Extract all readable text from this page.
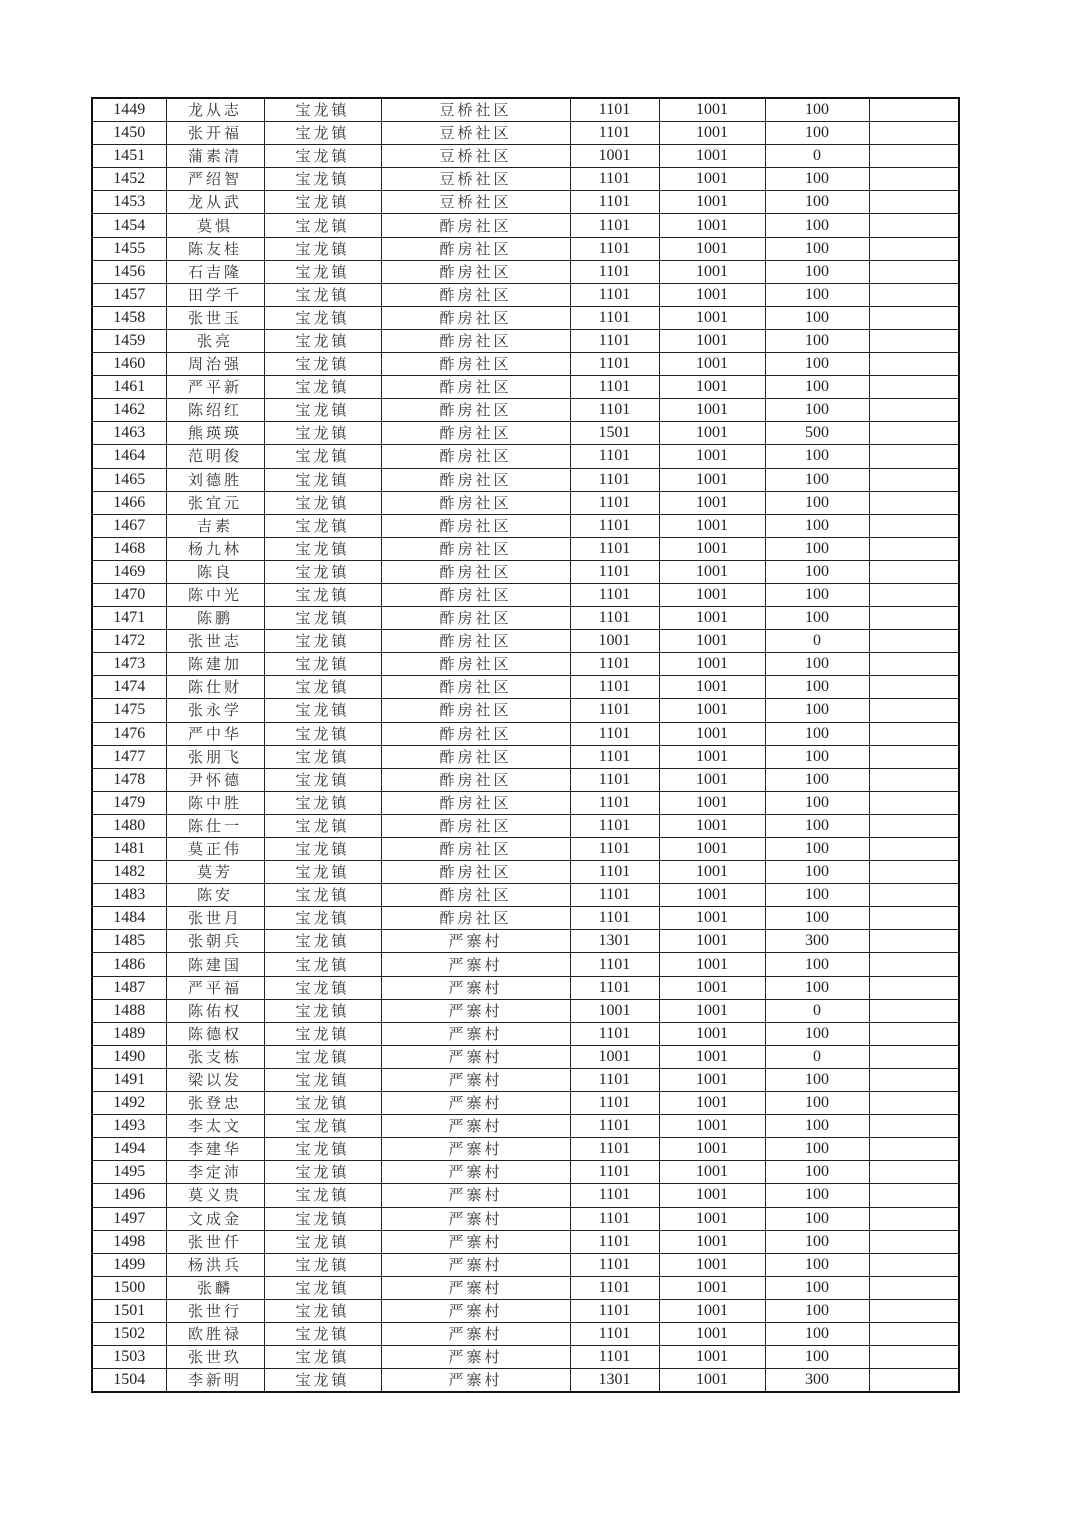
1449	龙从志	宝龙镇	豆桥社区	1101	1001	100	
1450	张开福	宝龙镇	豆桥社区	1101	1001	100	
1451	蒲素清	宝龙镇	豆桥社区	1001	1001	0	
1452	严绍智	宝龙镇	豆桥社区	1101	1001	100	
1453	龙从武	宝龙镇	豆桥社区	1101	1001	100	
1454	莫惧	宝龙镇	酢房社区	1101	1001	100	
1455	陈友桂	宝龙镇	酢房社区	1101	1001	100	
1456	石吉隆	宝龙镇	酢房社区	1101	1001	100	
1457	田学千	宝龙镇	酢房社区	1101	1001	100	
1458	张世玉	宝龙镇	酢房社区	1101	1001	100	
1459	张亮	宝龙镇	酢房社区	1101	1001	100	
1460	周治强	宝龙镇	酢房社区	1101	1001	100	
1461	严平新	宝龙镇	酢房社区	1101	1001	100	
1462	陈绍红	宝龙镇	酢房社区	1101	1001	100	
1463	熊瑛瑛	宝龙镇	酢房社区	1501	1001	500	
1464	范明俊	宝龙镇	酢房社区	1101	1001	100	
1465	刘德胜	宝龙镇	酢房社区	1101	1001	100	
1466	张宜元	宝龙镇	酢房社区	1101	1001	100	
1467	吉素	宝龙镇	酢房社区	1101	1001	100	
1468	杨九林	宝龙镇	酢房社区	1101	1001	100	
1469	陈良	宝龙镇	酢房社区	1101	1001	100	
1470	陈中光	宝龙镇	酢房社区	1101	1001	100	
1471	陈鹏	宝龙镇	酢房社区	1101	1001	100	
1472	张世志	宝龙镇	酢房社区	1001	1001	0	
1473	陈建加	宝龙镇	酢房社区	1101	1001	100	
1474	陈仕财	宝龙镇	酢房社区	1101	1001	100	
1475	张永学	宝龙镇	酢房社区	1101	1001	100	
1476	严中华	宝龙镇	酢房社区	1101	1001	100	
1477	张朋飞	宝龙镇	酢房社区	1101	1001	100	
1478	尹怀德	宝龙镇	酢房社区	1101	1001	100	
1479	陈中胜	宝龙镇	酢房社区	1101	1001	100	
1480	陈仕一	宝龙镇	酢房社区	1101	1001	100	
1481	莫正伟	宝龙镇	酢房社区	1101	1001	100	
1482	莫芳	宝龙镇	酢房社区	1101	1001	100	
1483	陈安	宝龙镇	酢房社区	1101	1001	100	
1484	张世月	宝龙镇	酢房社区	1101	1001	100	
1485	张朝兵	宝龙镇	严寨村	1301	1001	300	
1486	陈建国	宝龙镇	严寨村	1101	1001	100	
1487	严平福	宝龙镇	严寨村	1101	1001	100	
1488	陈佑权	宝龙镇	严寨村	1001	1001	0	
1489	陈德权	宝龙镇	严寨村	1101	1001	100	
1490	张支栋	宝龙镇	严寨村	1001	1001	0	
1491	梁以发	宝龙镇	严寨村	1101	1001	100	
1492	张登忠	宝龙镇	严寨村	1101	1001	100	
1493	李太文	宝龙镇	严寨村	1101	1001	100	
1494	李建华	宝龙镇	严寨村	1101	1001	100	
1495	李定沛	宝龙镇	严寨村	1101	1001	100	
1496	莫义贵	宝龙镇	严寨村	1101	1001	100	
1497	文成金	宝龙镇	严寨村	1101	1001	100	
1498	张世仟	宝龙镇	严寨村	1101	1001	100	
1499	杨洪兵	宝龙镇	严寨村	1101	1001	100	
1500	张麟	宝龙镇	严寨村	1101	1001	100	
1501	张世行	宝龙镇	严寨村	1101	1001	100	
1502	欧胜禄	宝龙镇	严寨村	1101	1001	100	
1503	张世玖	宝龙镇	严寨村	1101	1001	100	
1504	李新明	宝龙镇	严寨村	1301	1001	300	
